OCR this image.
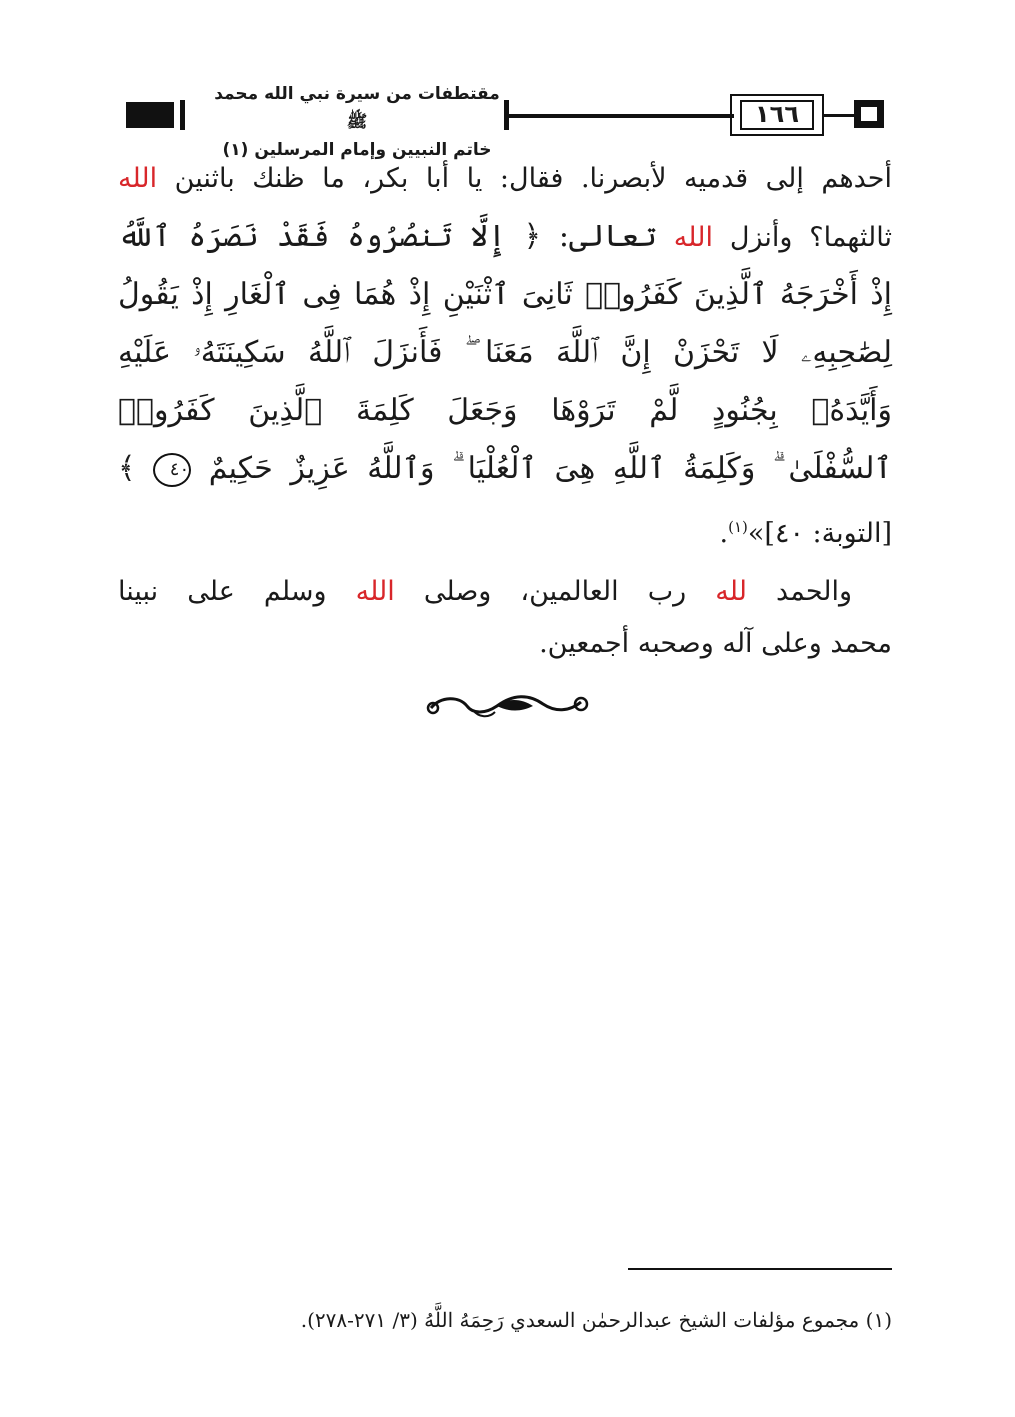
مقتطفات من سيرة نبي الله محمد ﷺ
خاتم النبيين وإمام المرسلين (١)
١٦٦
أحدهم إلى قدميه لأبصرنا. فقال: يا أبا بكر، ما ظنك باثنين الله
ثالثهما؟ وأنزل الله تعالى: ﴿ إِلَّا تَنصُرُوهُ فَقَدْ نَصَرَهُ ٱللَّهُ
إِذْ أَخْرَجَهُ ٱلَّذِينَ كَفَرُوا۟ ثَانِىَ ٱثْنَيْنِ إِذْ هُمَا فِى ٱلْغَارِ إِذْ يَقُولُ
لِصَٰحِبِهِۦ لَا تَحْزَنْ إِنَّ ٱللَّهَ مَعَنَا ۖ فَأَنزَلَ ٱللَّهُ سَكِينَتَهُۥ عَلَيْهِ
وَأَيَّدَهُۥ بِجُنُودٍ لَّمْ تَرَوْهَا وَجَعَلَ كَلِمَةَ ٱلَّذِينَ كَفَرُوا۟
ٱلسُّفْلَىٰ ۗ وَكَلِمَةُ ٱللَّهِ هِىَ ٱلْعُلْيَا ۗ وَٱللَّهُ عَزِيزٌ حَكِيمٌ ٤٠ ﴾
[التوبة: ٤٠]»$^{(١)}$.
والحمد لله رب العالمين، وصلى الله وسلم على نبينا
محمد وعلى آله وصحبه أجمعين.
(١) مجموع مؤلفات الشيخ عبدالرحمٰن السعدي رَحِمَهُ اللَّهُ (٣/ ٢٧١-٢٧٨).
